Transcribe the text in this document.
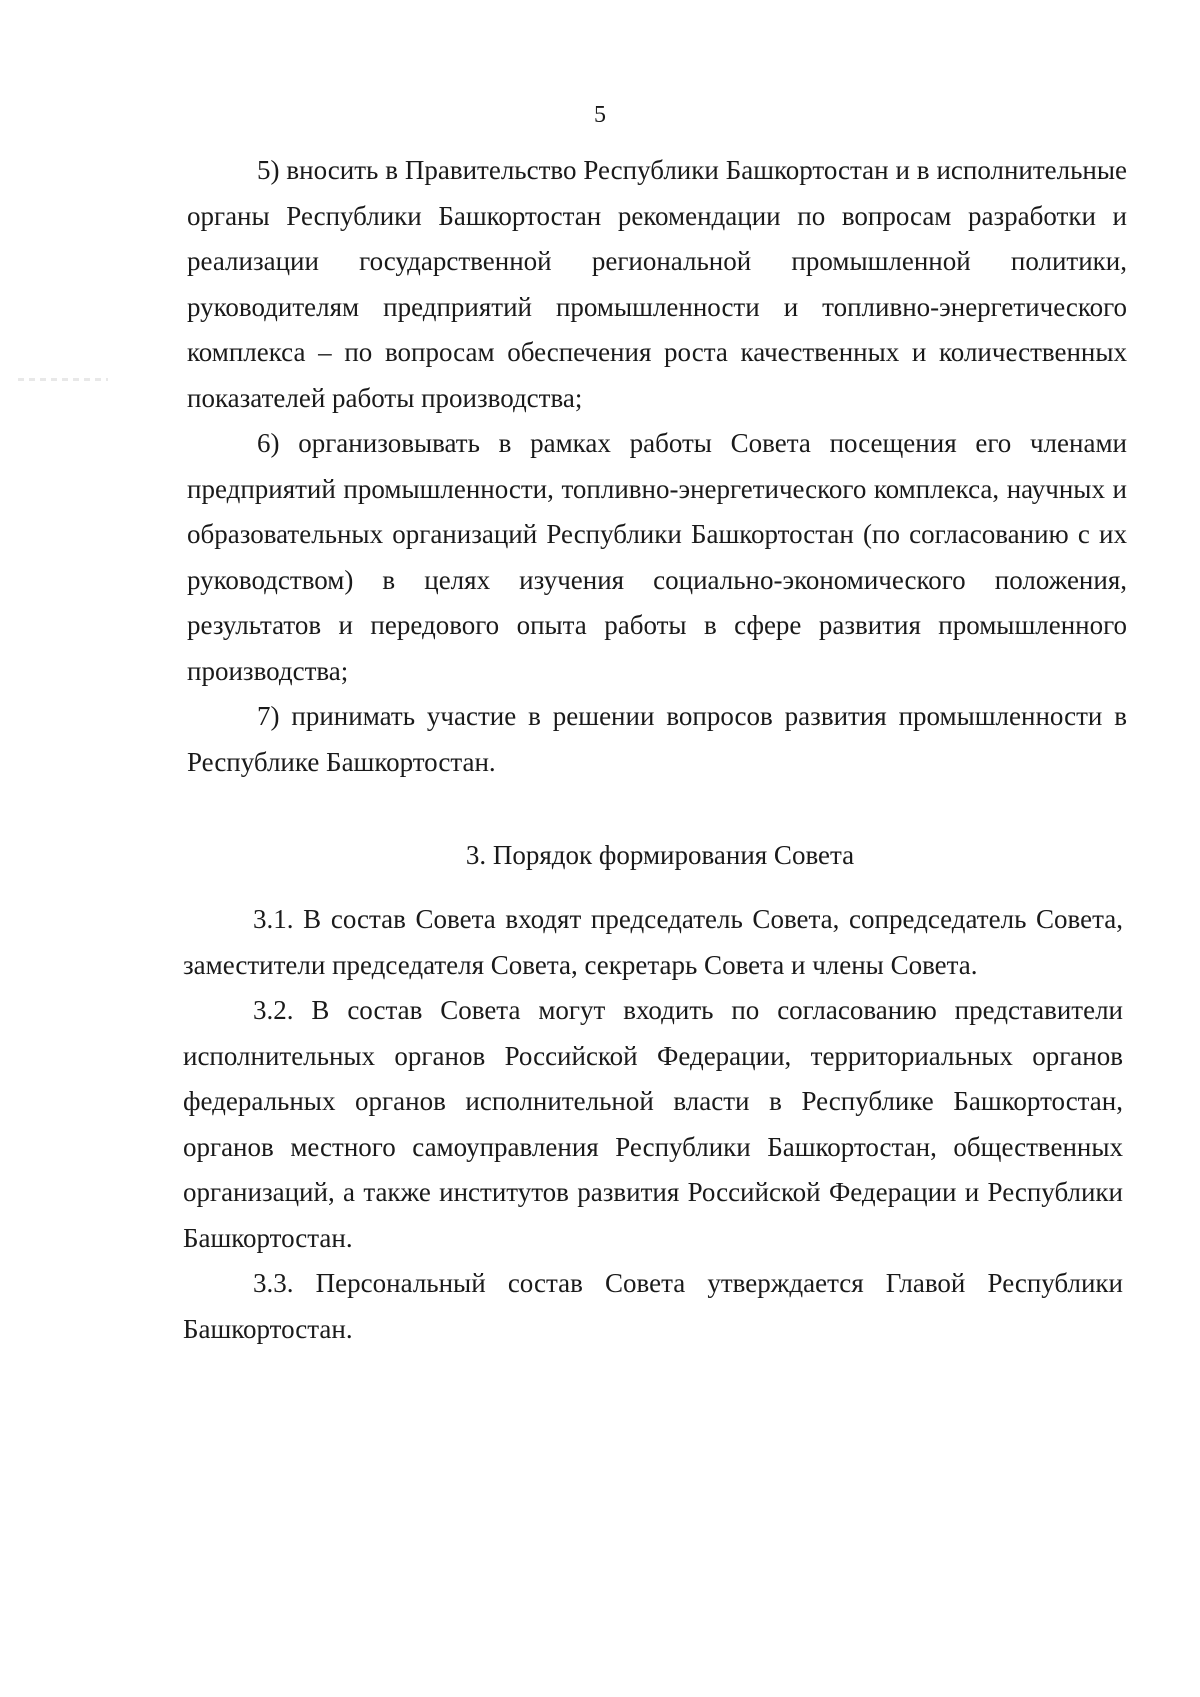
5

5) вносить в Правительство Республики Башкортостан и в исполнительные органы Республики Башкортостан рекомендации по вопросам разработки и реализации государственной региональной промышленной политики, руководителям предприятий промышленности и топливно-энергетического комплекса – по вопросам обеспечения роста качественных и количественных показателей работы производства;

6) организовывать в рамках работы Совета посещения его членами предприятий промышленности, топливно-энергетического комплекса, научных и образовательных организаций Республики Башкортостан (по согласованию с их руководством) в целях изучения социально-экономического положения, результатов и передового опыта работы в сфере развития промышленного производства;

7) принимать участие в решении вопросов развития промышленности в Республике Башкортостан.

3. Порядок формирования Совета

3.1. В состав Совета входят председатель Совета, сопредседатель Совета, заместители председателя Совета, секретарь Совета и члены Совета.

3.2. В состав Совета могут входить по согласованию представители исполнительных органов Российской Федерации, территориальных органов федеральных органов исполнительной власти в Республике Башкортостан, органов местного самоуправления Республики Башкортостан, общественных организаций, а также институтов развития Российской Федерации и Республики Башкортостан.

3.3. Персональный состав Совета утверждается Главой Республики Башкортостан.
